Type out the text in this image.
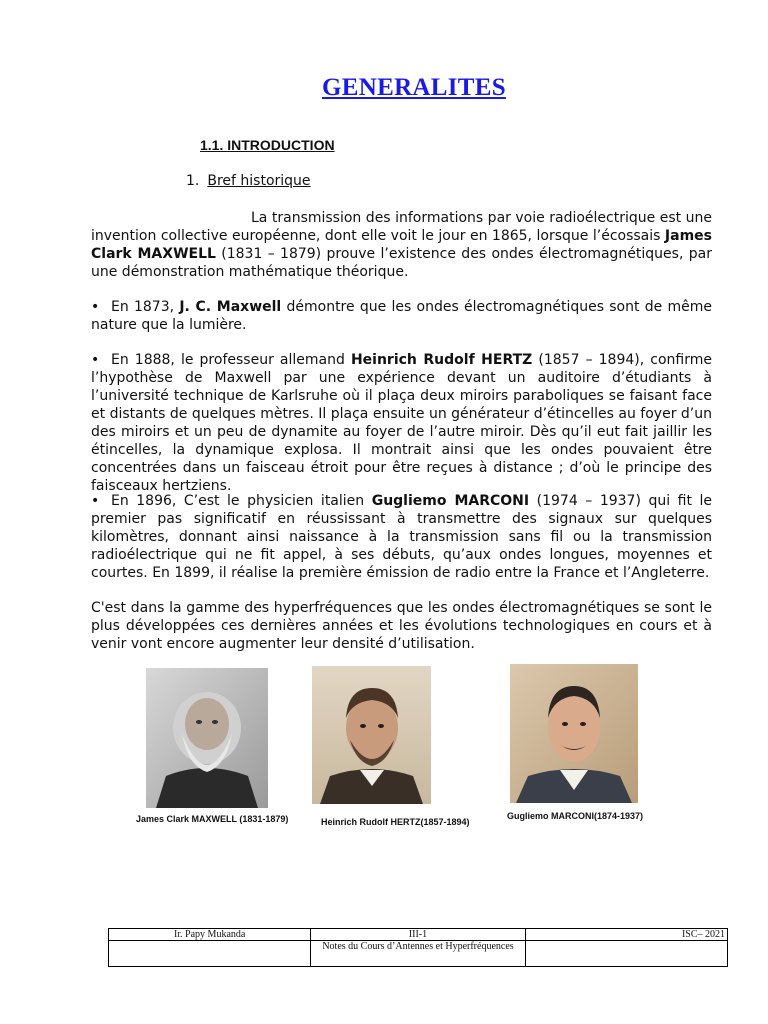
GENERALITES
1.1. INTRODUCTION
1. Bref historique

La transmission des informations par voie radioélectrique est une invention collective européenne, dont elle voit le jour en 1865, lorsque l’écossais James Clark MAXWELL (1831 – 1879) prouve l’existence des ondes électromagnétiques, par une démonstration mathématique théorique.

• En 1873, J. C. Maxwell démontre que les ondes électromagnétiques sont de même nature que la lumière.

• En 1888, le professeur allemand Heinrich Rudolf HERTZ (1857 – 1894), confirme l’hypothèse de Maxwell par une expérience devant un auditoire d’étudiants à l’université technique de Karlsruhe où il plaça deux miroirs paraboliques se faisant face et distants de quelques mètres. Il plaça ensuite un générateur d’étincelles au foyer d’un des miroirs et un peu de dynamite au foyer de l’autre miroir. Dès qu’il eut fait jaillir les étincelles, la dynamique explosa. Il montrait ainsi que les ondes pouvaient être concentrées dans un faisceau étroit pour être reçues à distance ; d’où le principe des faisceaux hertziens.

• En 1896, C’est le physicien italien Gugliemo MARCONI (1974 – 1937) qui fit le premier pas significatif en réussissant à transmettre des signaux sur quelques kilomètres, donnant ainsi naissance à la transmission sans fil ou la transmission radioélectrique qui ne fit appel, à ses débuts, qu’aux ondes longues, moyennes et courtes. En 1899, il réalise la première émission de radio entre la France et l’Angleterre.

C'est dans la gamme des hyperfréquences que les ondes électromagnétiques se sont le plus développées ces dernières années et les évolutions technologiques en cours et à venir vont encore augmenter leur densité d’utilisation.

James Clark MAXWELL (1831-1879)	Heinrich Rudolf HERTZ(1857-1894)
Gugliemo MARCONI(1874-1937)
Ir. Papy Mukanda	III-1	ISC– 2021
	Notes du Cours d’Antennes et Hyperfréquences	
